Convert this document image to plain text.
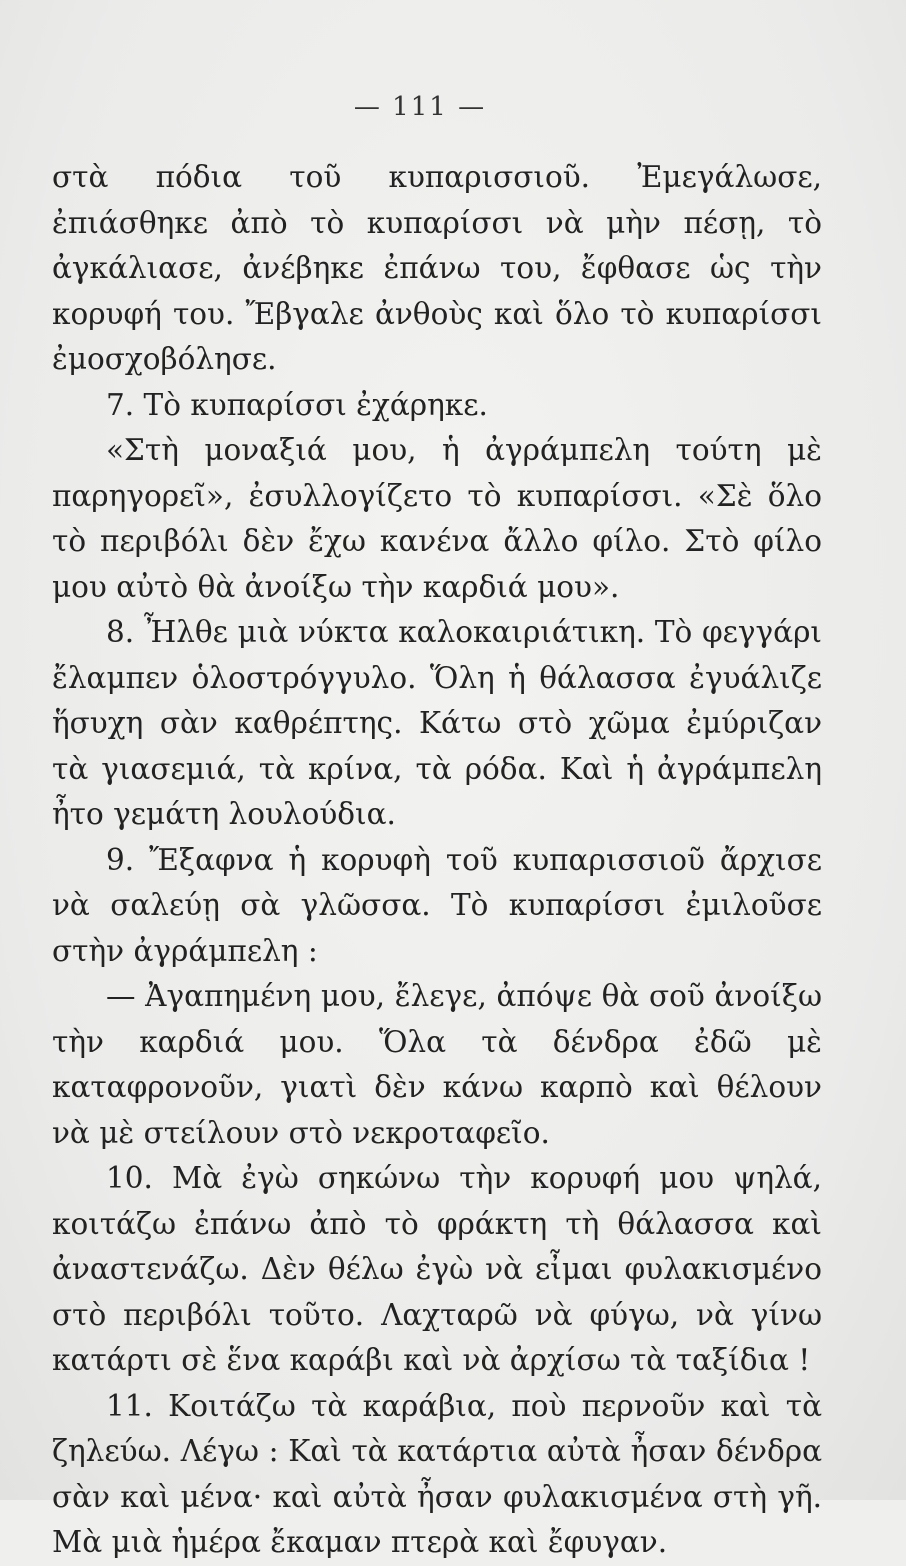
— 111 —

στὰ πόδια τοῦ κυπαρισσιοῦ. Ἐμεγάλωσε, ἐπιάσθηκε ἀπὸ τὸ κυπαρίσσι νὰ μὴν πέσῃ, τὸ ἀγκάλιασε, ἀνέβηκε ἐπάνω του, ἔφθασε ὡς τὴν κορυφή του. Ἔβγαλε ἀνθοὺς καὶ ὅλο τὸ κυπαρίσσι ἐμοσχοβόλησε.

7. Τὸ κυπαρίσσι ἐχάρηκε.

«Στὴ μοναξιά μου, ἡ ἀγράμπελη τούτη μὲ παρηγορεῖ», ἐσυλλογίζετο τὸ κυπαρίσσι. «Σὲ ὅλο τὸ περιβόλι δὲν ἔχω κανένα ἄλλο φίλο. Στὸ φίλο μου αὐτὸ θὰ ἀνοίξω τὴν καρδιά μου».

8. Ἦλθε μιὰ νύκτα καλοκαιριάτικη. Τὸ φεγγάρι ἔλαμπεν ὁλοστρόγγυλο. Ὅλη ἡ θάλασσα ἐγυάλιζε ἥσυχη σὰν καθρέπτης. Κάτω στὸ χῶμα ἐμύριζαν τὰ γιασεμιά, τὰ κρίνα, τὰ ρόδα. Καὶ ἡ ἀγράμπελη ἦτο γεμάτη λουλούδια.

9. Ἔξαφνα ἡ κορυφὴ τοῦ κυπαρισσιοῦ ἄρχισε νὰ σαλεύῃ σὰ γλῶσσα. Τὸ κυπαρίσσι ἐμιλοῦσε στὴν ἀγράμπελη :

— Ἀγαπημένη μου, ἔλεγε, ἀπόψε θὰ σοῦ ἀνοίξω τὴν καρδιά μου. Ὅλα τὰ δένδρα ἐδῶ μὲ καταφρονοῦν, γιατὶ δὲν κάνω καρπὸ καὶ θέλουν νὰ μὲ στείλουν στὸ νεκροταφεῖο.

10. Μὰ ἐγὼ σηκώνω τὴν κορυφή μου ψηλά, κοιτάζω ἐπάνω ἀπὸ τὸ φράκτη τὴ θάλασσα καὶ ἀναστενάζω. Δὲν θέλω ἐγὼ νὰ εἶμαι φυλακισμένο στὸ περιβόλι τοῦτο. Λαχταρῶ νὰ φύγω, νὰ γίνω κατάρτι σὲ ἕνα καράβι καὶ νὰ ἀρχίσω τὰ ταξίδια !

11. Κοιτάζω τὰ καράβια, ποὺ περνοῦν καὶ τὰ ζηλεύω. Λέγω : Καὶ τὰ κατάρτια αὐτὰ ἦσαν δένδρα σὰν καὶ μένα· καὶ αὐτὰ ἦσαν φυλακισμένα στὴ γῆ. Μὰ μιὰ ἡμέρα ἔκαμαν πτερὰ καὶ ἔφυγαν.
